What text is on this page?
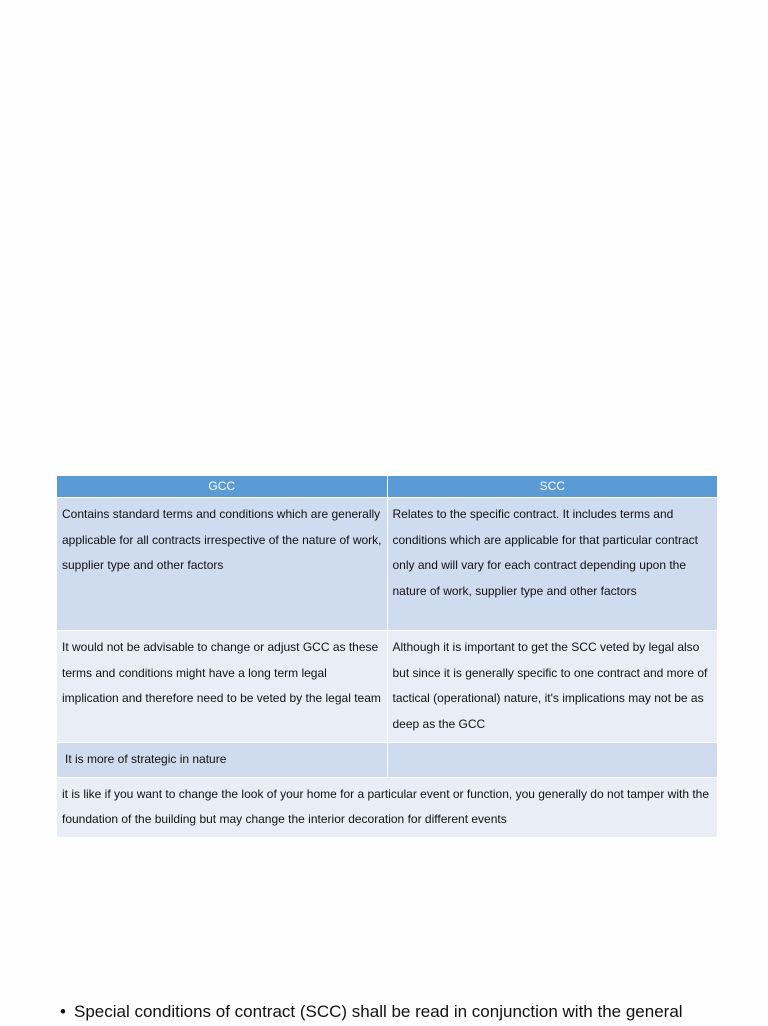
GCC	SCC
Contains standard terms and conditions which are generally applicable for all contracts irrespective of the nature of work, supplier type and other factors	Relates to the specific contract. It includes terms and conditions which are applicable for that particular contract only and will vary for each contract depending upon the nature of work, supplier type and other factors
It would not be advisable to change or adjust GCC as these terms and conditions might have a long term legal implication and therefore need to be veted by the legal team	Although it is important to get the SCC veted by legal also but since it is generally specific to one contract and more of tactical (operational) nature, it's implications may not be as deep as the GCC
It is more of strategic in nature	
it is like if you want to change the look of your home for a particular event or function, you generally do not tamper with the foundation of the building but may change the interior decoration for different events	
• Special conditions of contract (SCC) shall be read in conjunction with the general
